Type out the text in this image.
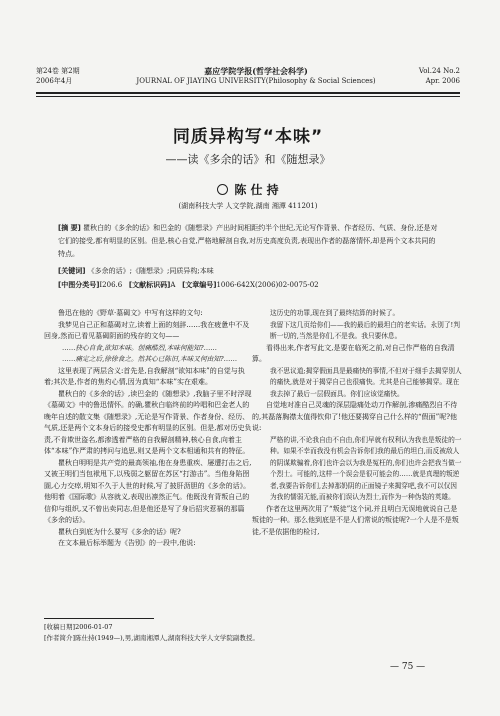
第24卷 第2期
2006年4月
嘉应学院学报(哲学社会科学)
JOURNAL OF JIAYING UNIVERSITY(Philosophy & Social Sciences)
Vol.24 No.2
Apr. 2006
同质异构写“本味”
——读《多余的话》和《随想录》
陈 仕 持
(湖南科技大学 人文学院,湖南 湘潭 411201)
[摘 要] 瞿秋白的《多余的话》和巴金的《随想录》产出时间相距约半个世纪,无论写作背景、作者经历、气质、身份,还是对它们的接受,都有明显的区别。但是,核心自觉,严格地解剖自我,对历史高度负责,表现出作者的磊落情怀,却是两个文本共同的特点。
[关键词] 《多余的话》;《随想录》;同质异构;本味
[中图分类号]I206.6 [文献标识码]A [文章编号]1006-642X(2006)02-0075-02

鲁迅在他的《野草·墓碣文》中写有这样的文句:

我梦见自己正和墓碣对立,读着上面的刻辞……我在疲惫中不及回身,然而已看见墓碣阴面的残存的文句——

……抉心自食,欲知本味。创痛酷烈,本味何能知?……

……痛定之后,徐徐食之。然其心已陈旧,本味又何由知?……

这里表现了两层含义:首先是,自我解剖“欲知本味”的自觉与执着;其次是,作者的焦灼心情,因为真知“本味”实在艰难。

瞿秋白的《多余的话》,读巴金的《随想录》,我脑子里不时浮现《墓碣文》中的鲁迅情怀。的确,瞿秋白临终前的吟唱和巴金老人的晚年自述的散文集《随想录》,无论是写作背景、作者身份、经历、气质,还是两个文本身后的接受史都有明显的区别。但是,都对历史负责,不肯欺世盗名,都渗透着严格的自我解剖精神,核心自食,向着主体“本味”作严肃的拷问与追思,则又是两个文本相通和共有的特征。

瞿秋白明明是共产党的最高领袖,他在身患重疾、屡遭打击之后,又被王明们当包袱甩下,以残弱之躯留在苏区“打游击”。当他身陷囹圄,心力交瘁,明知不久于人世的时候,写了披肝沥胆的《多余的话》。他明着《国际歌》从容就义,表现出凛然正气。他既没有背叛自己的信仰与组织,又不曾出卖同志,但是他还是写了身后招灾惹祸的那篇《多余的话》。

瞿秋白到底为什么要写《多余的话》呢?

在文本最后标举题为《告别》的一段中,他说:

这历史的功罪,现在到了最终结算的时候了。

我留下这几页给你们——我的最后的最坦白的老实话。永别了!判断一切的,当然是你们,不是我。我只要休息。

看得出来,作者写此文,是要在临死之前,对自己作严格的自我清算。

我不思议道;揭穿假面具是最痛快的事情,不但对于细手去揭穿别人的痛快,就是对于揭穿自己也很痛快。尤其是自己能够揭穿。现在我去掉了最后一层假面具。你们应该觉痛快。

自觉地对准自己灵魂的深层隐痛处动刀作解剖,渗痛酷烈自不待的,其磊落胸襟太值得钦仰了!他还要揭穿自己什么样的“假面”呢?他说:

严格的讲,不论我自由不自由,你们早就有权利认为我也是叛徒的一种。如果不幸而我没有机会告诉你们我的最后的坦白,而反被敌人的阴谋欺骗着,你们也许会以为我是冤枉的,你们也许会把我当做一个烈士。可能的,这样一个误会是很可能会的……就是真理的叛逆者,我要告诉你们,去掉那奶阴的正面镜子来揭穿吧,我不可以仅因为我的懦弱无能,而被你们误认为烈士,而作为一种伪装的英雄。

作者在这里两次用了“叛徒”这个词,并且明白无误地就说自己是叛徒的一种。那么他到底是不是人们常说的叛徒呢?一个人是不是叛徒,不是依据他的检讨,

[收稿日期]2006-01-07
[作者简介]陈仕持(1949—),男,湖南湘潭人,湖南科技大学人文学院副教授。
— 75 —
